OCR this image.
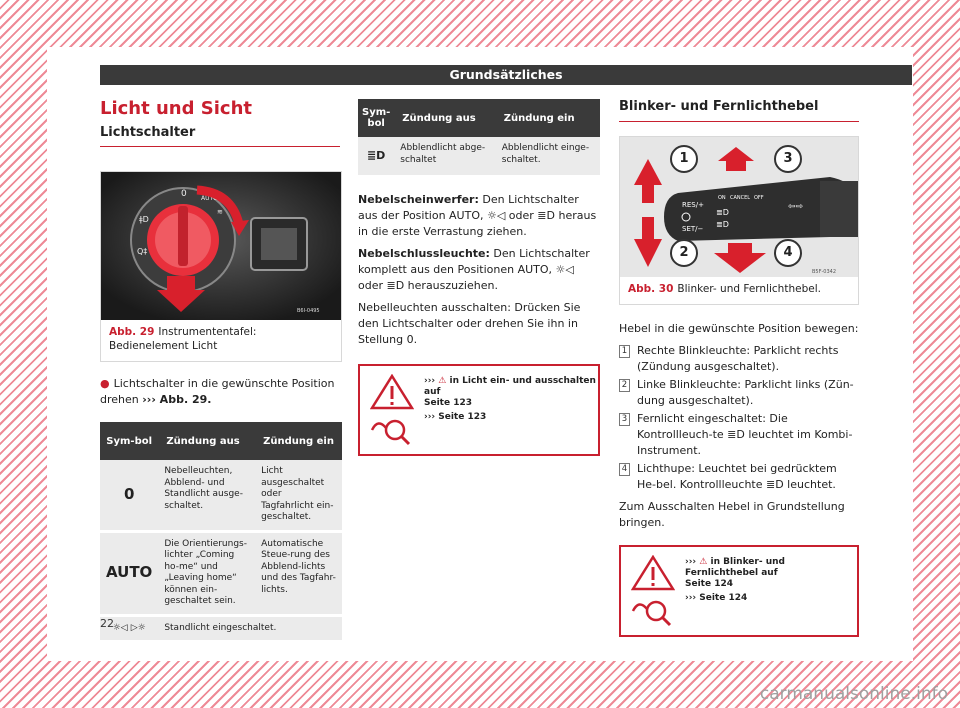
Grundsätzliches
Licht und Sicht
Lichtschalter
0 AUTO
≋
ǂD
Q‡
B6I-0495
Abb. 29 Instrumententafel: Bedienelement Licht

● Lichtschalter in die gewünschte Position drehen ››› Abb. 29.

Sym-bol	Zündung aus	Zündung ein
0	Nebelleuchten, Abblend- und Standlicht ausge-schaltet.	Licht ausgeschaltet oder Tagfahrlicht ein-geschaltet.
AUTO	Die Orientierungs-lichter „Coming ho-me“ und „Leaving home“ können ein-geschaltet sein.	Automatische Steue-rung des Abblend-lichts und des Tagfahr-lichts.
☼◁ ▷☼	Standlicht eingeschaltet.	
Sym-bol	Zündung aus	Zündung ein
≣D	Abblendlicht abge-schaltet	Abblendlicht einge-schaltet.

Nebelscheinwerfer: Den Lichtschalter aus der Position AUTO, ☼◁ oder ≣D heraus in die erste Verrastung ziehen.

Nebelschlussleuchte: Den Lichtschalter komplett aus den Positionen AUTO, ☼◁ oder ≣D herauszuziehen.

Nebelleuchten ausschalten: Drücken Sie den Lichtschalter oder drehen Sie ihn in Stellung 0.

››› ⚠ in Licht ein- und ausschalten auf
Seite 123
››› Seite 123
Blinker- und Fernlichthebel
RES/+
SET/−
ON CANCEL OFF
≣D
≣D
⇦⇨
B5F-0342
1
2
3
4
Abb. 30 Blinker- und Fernlichthebel.

Hebel in die gewünschte Position bewegen:

1 Rechte Blinkleuchte: Parklicht rechts (Zündung ausgeschaltet).
2 Linke Blinkleuchte: Parklicht links (Zün-dung ausgeschaltet).
3 Fernlicht eingeschaltet: Die Kontrollleuch-te ≣D leuchtet im Kombi-Instrument.
4 Lichthupe: Leuchtet bei gedrücktem He-bel. Kontrollleuchte ≣D leuchtet.

Zum Ausschalten Hebel in Grundstellung bringen.

››› ⚠ in Blinker- und Fernlichthebel auf
Seite 124
››› Seite 124
22
carmanualsonline.info
